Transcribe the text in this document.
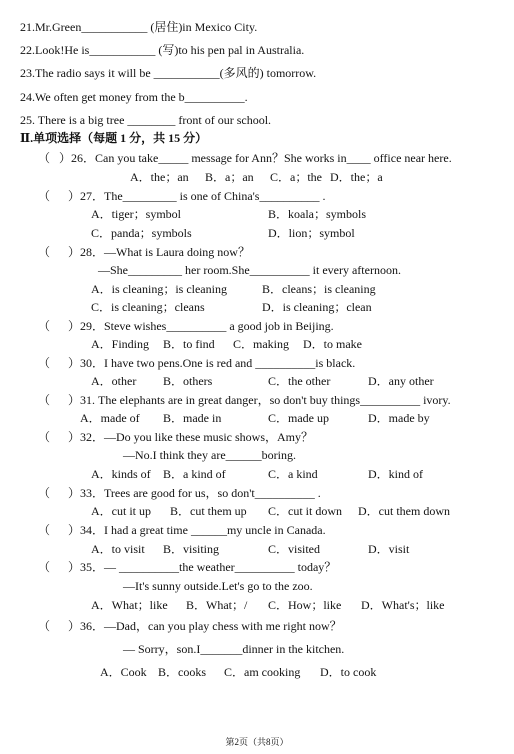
21.Mr.Green___________ (居住)in Mexico City.
22.Look!He is___________ (写)to his pen pal in Australia.
23.The radio says it will be ___________(多风的) tomorrow.
24.We often get money from the b__________.
25. There is a big tree ________ front of our school.
Ⅱ.单项选择（每题 1 分，共 15 分）
（   ）26．Can you take_____ message for Ann？She works in____ office near here.
A．the；an B．a；an C．a；the D．the；a
（      ）27．The_________ is one of China's__________ .
A．tiger；symbol	B．koala；symbols
C．panda；symbols	D．lion；symbol
（      ）28．—What is Laura doing now？
—She_________ her room.She__________ it every afternoon.
A．is cleaning；is cleaning	B．cleans；is cleaning
C．is cleaning；cleans	D．is cleaning；clean
（      ）29．Steve wishes__________ a good job in Beijing.
A．Finding B．to find C．making D．to make
（      ）30．I have two pens.One is red and __________is black.
A．other B．others	C．the other	D．any other
（      ）31. The elephants are in great danger，so don't buy things__________ ivory.
A．made of B．made in	C．made up	D．made by
（      ）32．—Do you like these music shows，Amy？
—No.I think they are______boring.
A．kinds of B．a kind of	C．a kind	D．kind of
（      ）33．Trees are good for us，so don't__________ .
A．cut it up B．cut them up C．cut it down D．cut them down
（      ）34．I had a great time ______my uncle in Canada.
A．to visit B．visiting	C．visited	D．visit
（      ）35．— __________the weather__________ today？
—It's sunny outside.Let's go to the zoo.
A．What；like B．What；/ C．How；like D．What's；like
（      ）36．—Dad，can you play chess with me right now？
— Sorry，son.I_______dinner in the kitchen.
A．Cook B．cooks C．am cooking D．to cook
第2页（共8页）
